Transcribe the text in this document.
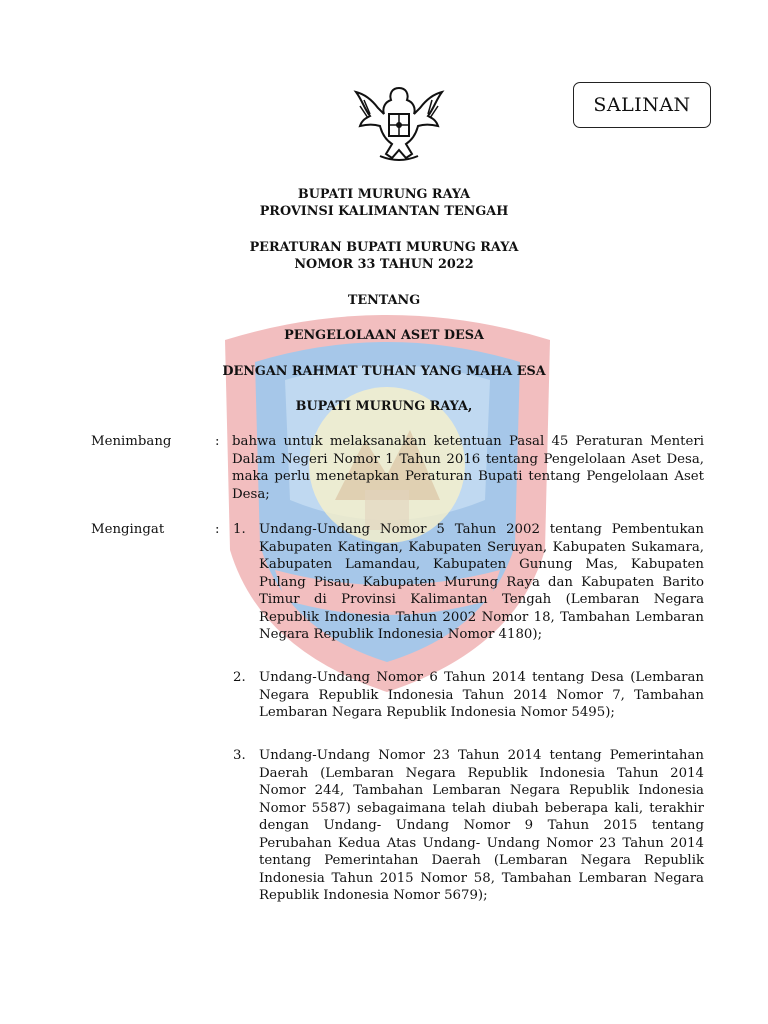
SALINAN
BUPATI MURUNG RAYA
PROVINSI KALIMANTAN TENGAH
PERATURAN BUPATI MURUNG RAYA
NOMOR 33 TAHUN 2022
TENTANG
PENGELOLAAN ASET DESA
DENGAN RAHMAT TUHAN YANG MAHA ESA
BUPATI MURUNG RAYA,
Menimbang	: bahwa untuk melaksanakan ketentuan Pasal 45 Peraturan Menteri Dalam Negeri Nomor 1 Tahun 2016 tentang Pengelolaan Aset Desa, maka perlu menetapkan Peraturan Bupati tentang Pengelolaan Aset Desa;
Mengingat	: 1. Undang-Undang Nomor 5 Tahun 2002 tentang Pembentukan Kabupaten Katingan, Kabupaten Seruyan, Kabupaten Sukamara, Kabupaten Lamandau, Kabupaten Gunung Mas, Kabupaten Pulang Pisau, Kabupaten Murung Raya dan Kabupaten Barito Timur di Provinsi Kalimantan Tengah (Lembaran Negara Republik Indonesia Tahun 2002 Nomor 18, Tambahan Lembaran Negara Republik Indonesia Nomor 4180);
2. Undang-Undang Nomor 6 Tahun 2014 tentang Desa (Lembaran Negara Republik Indonesia Tahun 2014 Nomor 7, Tambahan Lembaran Negara Republik Indonesia Nomor 5495);
3. Undang-Undang Nomor 23 Tahun 2014 tentang Pemerintahan Daerah (Lembaran Negara Republik Indonesia Tahun 2014 Nomor 244, Tambahan Lembaran Negara Republik Indonesia Nomor 5587) sebagaimana telah diubah beberapa kali, terakhir dengan Undang- Undang Nomor 9 Tahun 2015 tentang Perubahan Kedua Atas Undang- Undang Nomor 23 Tahun 2014 tentang Pemerintahan Daerah (Lembaran Negara Republik Indonesia Tahun 2015 Nomor 58, Tambahan Lembaran Negara Republik Indonesia Nomor 5679);
